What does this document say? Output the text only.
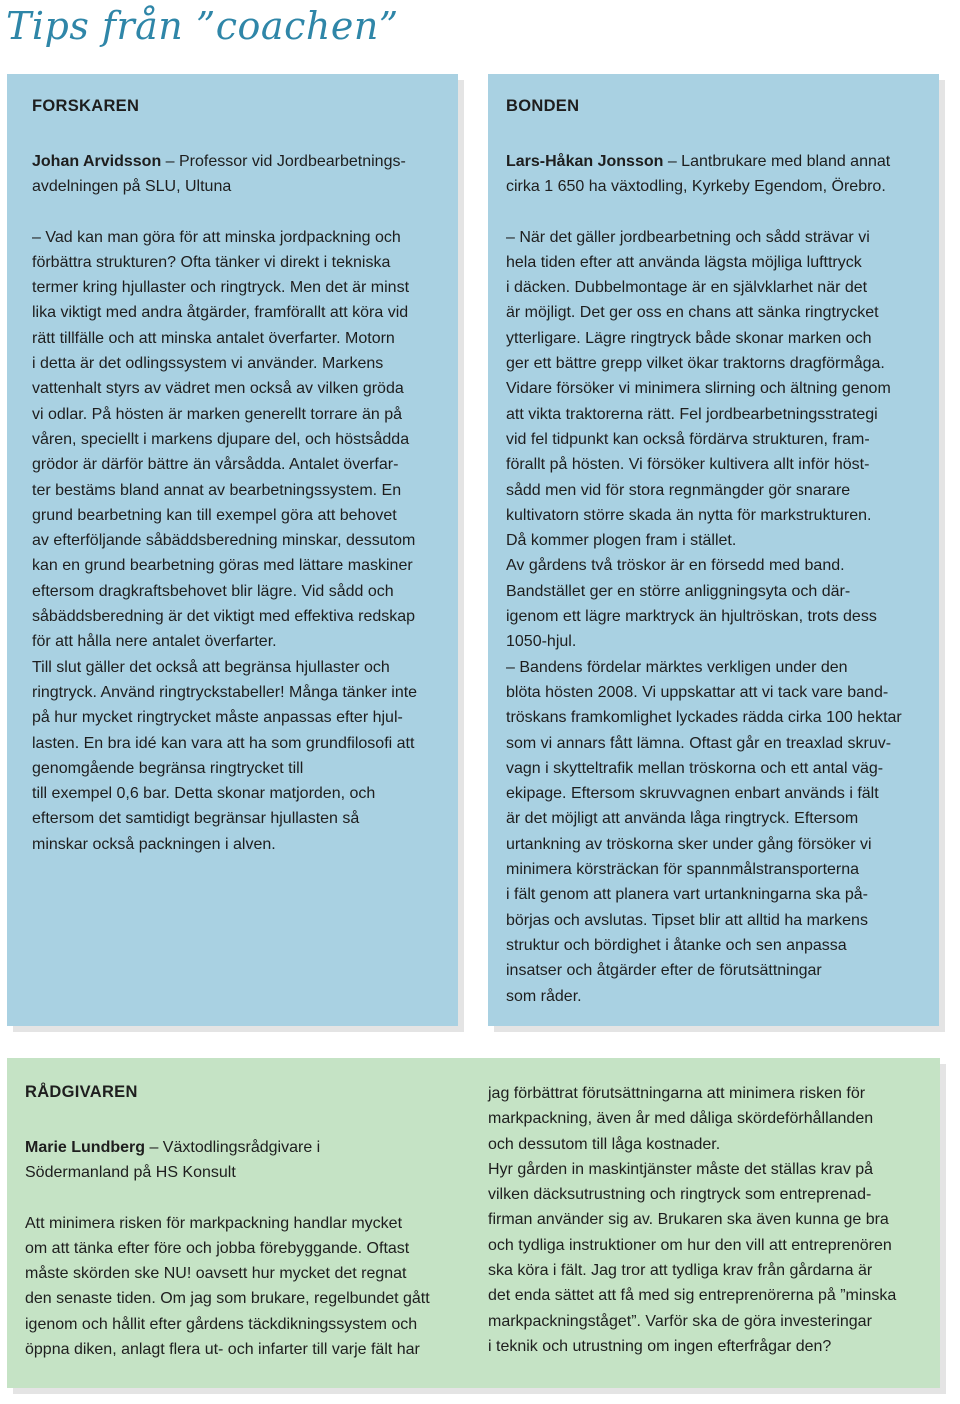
Tips från ”coachen”
FORSKAREN

Johan Arvidsson – Professor vid Jordbearbetnings-
avdelningen på SLU, Ultuna

– Vad kan man göra för att minska jordpackning och
förbättra strukturen? Ofta tänker vi direkt i tekniska
termer kring hjullaster och ringtryck. Men det är minst
lika viktigt med andra åtgärder, framförallt att köra vid
rätt tillfälle och att minska antalet överfarter. Motorn
i detta är det odlingssystem vi använder. Markens
vattenhalt styrs av vädret men också av vilken gröda
vi odlar. På hösten är marken generellt torrare än på
våren, speciellt i markens djupare del, och höstsådda
grödor är därför bättre än vårsådda. Antalet överfar-
ter bestäms bland annat av bearbetningssystem. En
grund bearbetning kan till exempel göra att behovet
av efterföljande såbäddsberedning minskar, dessutom
kan en grund bearbetning göras med lättare maskiner
eftersom dragkraftsbehovet blir lägre. Vid sådd och
såbäddsberedning är det viktigt med effektiva redskap
för att hålla nere antalet överfarter.
Till slut gäller det också att begränsa hjullaster och
ringtryck. Använd ringtryckstabeller! Många tänker inte
på hur mycket ringtrycket måste anpassas efter hjul-
lasten. En bra idé kan vara att ha som grundfilosofi att
genomgående begränsa ringtrycket till
till exempel 0,6 bar. Detta skonar matjorden, och
eftersom det samtidigt begränsar hjullasten så
minskar också packningen i alven.

BONDEN

Lars-Håkan Jonsson – Lantbrukare med bland annat
cirka 1 650 ha växtodling, Kyrkeby Egendom, Örebro.

– När det gäller jordbearbetning och sådd strävar vi
hela tiden efter att använda lägsta möjliga lufttryck
i däcken. Dubbelmontage är en självklarhet när det
är möjligt. Det ger oss en chans att sänka ringtrycket
ytterligare. Lägre ringtryck både skonar marken och
ger ett bättre grepp vilket ökar traktorns dragförmåga.
Vidare försöker vi minimera slirning och ältning genom
att vikta traktorerna rätt. Fel jordbearbetningsstrategi
vid fel tidpunkt kan också fördärva strukturen, fram-
förallt på hösten. Vi försöker kultivera allt inför höst-
sådd men vid för stora regnmängder gör snarare
kultivatorn större skada än nytta för markstrukturen.
Då kommer plogen fram i stället.
Av gårdens två tröskor är en försedd med band.
Bandstället ger en större anliggningsyta och där-
igenom ett lägre marktryck än hjultröskan, trots dess
1050-hjul.
– Bandens fördelar märktes verkligen under den
blöta hösten 2008. Vi uppskattar att vi tack vare band-
tröskans framkomlighet lyckades rädda cirka 100 hektar
som vi annars fått lämna. Oftast går en treaxlad skruv-
vagn i skytteltrafik mellan tröskorna och ett antal väg-
ekipage. Eftersom skruvvagnen enbart används i fält
är det möjligt att använda låga ringtryck. Eftersom
urtankning av tröskorna sker under gång försöker vi
minimera körsträckan för spannmålstransporterna
i fält genom att planera vart urtankningarna ska på-
börjas och avslutas. Tipset blir att alltid ha markens
struktur och bördighet i åtanke och sen anpassa
insatser och åtgärder efter de förutsättningar
som råder.

RÅDGIVAREN

Marie Lundberg – Växtodlingsrådgivare i
Södermanland på HS Konsult

Att minimera risken för markpackning handlar mycket
om att tänka efter före och jobba förebyggande. Oftast
måste skörden ske NU! oavsett hur mycket det regnat
den senaste tiden. Om jag som brukare, regelbundet gått
igenom och hållit efter gårdens täckdikningssystem och
öppna diken, anlagt flera ut- och infarter till varje fält har

jag förbättrat förutsättningarna att minimera risken för
markpackning, även år med dåliga skördeförhållanden
och dessutom till låga kostnader.
Hyr gården in maskintjänster måste det ställas krav på
vilken däcksutrustning och ringtryck som entreprenad-
firman använder sig av. Brukaren ska även kunna ge bra
och tydliga instruktioner om hur den vill att entreprenören
ska köra i fält. Jag tror att tydliga krav från gårdarna är
det enda sättet att få med sig entreprenörerna på ”minska
markpackningståget”. Varför ska de göra investeringar
i teknik och utrustning om ingen efterfrågar den?
